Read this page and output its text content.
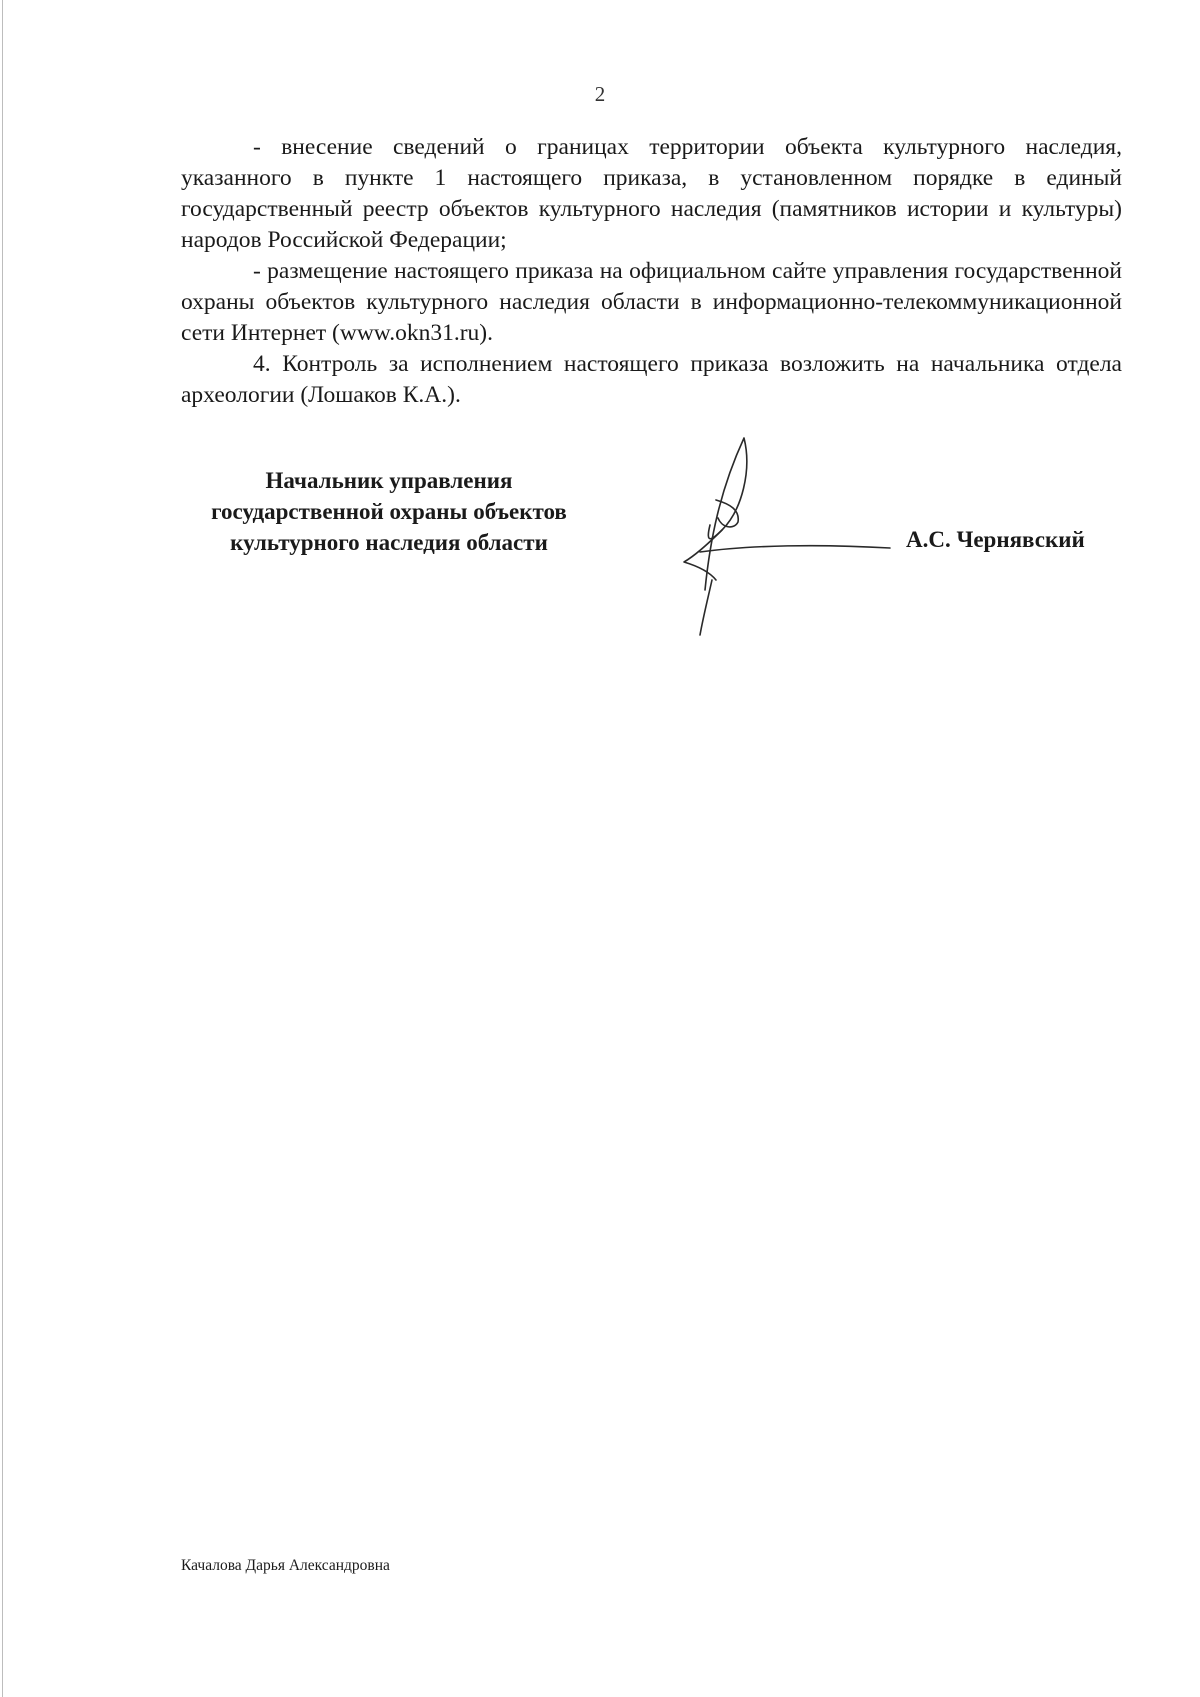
2

- внесение сведений о границах территории объекта культурного наследия, указанного в пункте 1 настоящего приказа, в установленном порядке в единый государственный реестр объектов культурного наследия (памятников истории и культуры) народов Российской Федерации;

- размещение настоящего приказа на официальном сайте управления государственной охраны объектов культурного наследия области в информационно-телекоммуникационной сети Интернет (www.okn31.ru).

4. Контроль за исполнением настоящего приказа возложить на начальника отдела археологии (Лошаков К.А.).

Начальник управления
государственной охраны объектов
культурного наследия области	А.С. Чернявский
Качалова Дарья Александровна
